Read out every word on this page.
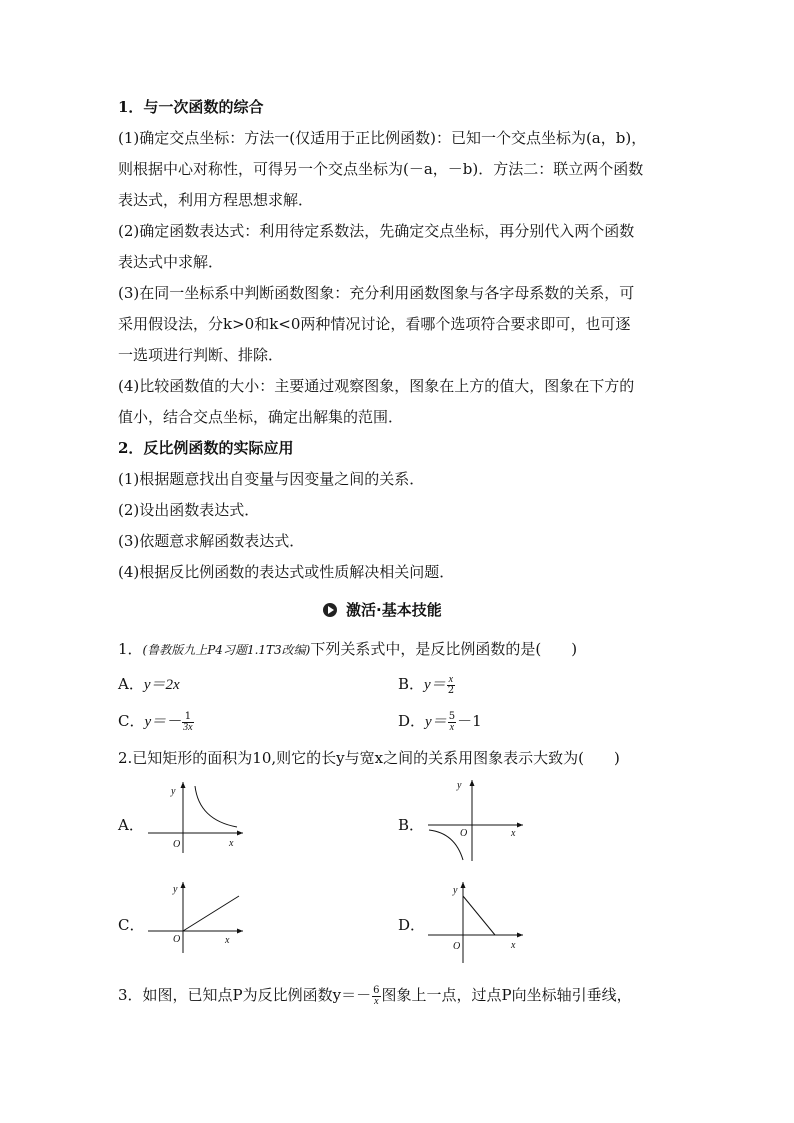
1．与一次函数的综合
(1)确定交点坐标：方法一(仅适用于正比例函数)：已知一个交点坐标为(a，b)，
则根据中心对称性，可得另一个交点坐标为(－a，－b)．方法二：联立两个函数
表达式，利用方程思想求解．
(2)确定函数表达式：利用待定系数法，先确定交点坐标，再分别代入两个函数
表达式中求解．
(3)在同一坐标系中判断函数图象：充分利用函数图象与各字母系数的关系，可
采用假设法，分k>0和k<0两种情况讨论，看哪个选项符合要求即可，也可逐
一选项进行判断、排除．
(4)比较函数值的大小：主要通过观察图象，图象在上方的值大，图象在下方的
值小，结合交点坐标，确定出解集的范围．
2．反比例函数的实际应用
(1)根据题意找出自变量与因变量之间的关系．
(2)设出函数表达式．
(3)依题意求解函数表达式．
(4)根据反比例函数的表达式或性质解决相关问题．
激活·基本技能
1．(鲁教版九上P4习题1.1T3改编)下列关系式中，是反比例函数的是(　　)
A．y＝2x	B．$y= \frac{x}{2}$
C．$y=- \frac{1}{3x}$	D．$y= \frac{5}{x} -1$
2.已知矩形的面积为10,则它的长y与宽x之间的关系用图象表示大致为(　　)
A．
y
x
O
B．
y
x
O
C．
y
x
O
D．
y
x
O
3．如图，已知点P为反比例函数$y=- \frac{6}{x}$ 图象上一点，过点P向坐标轴引垂线，
